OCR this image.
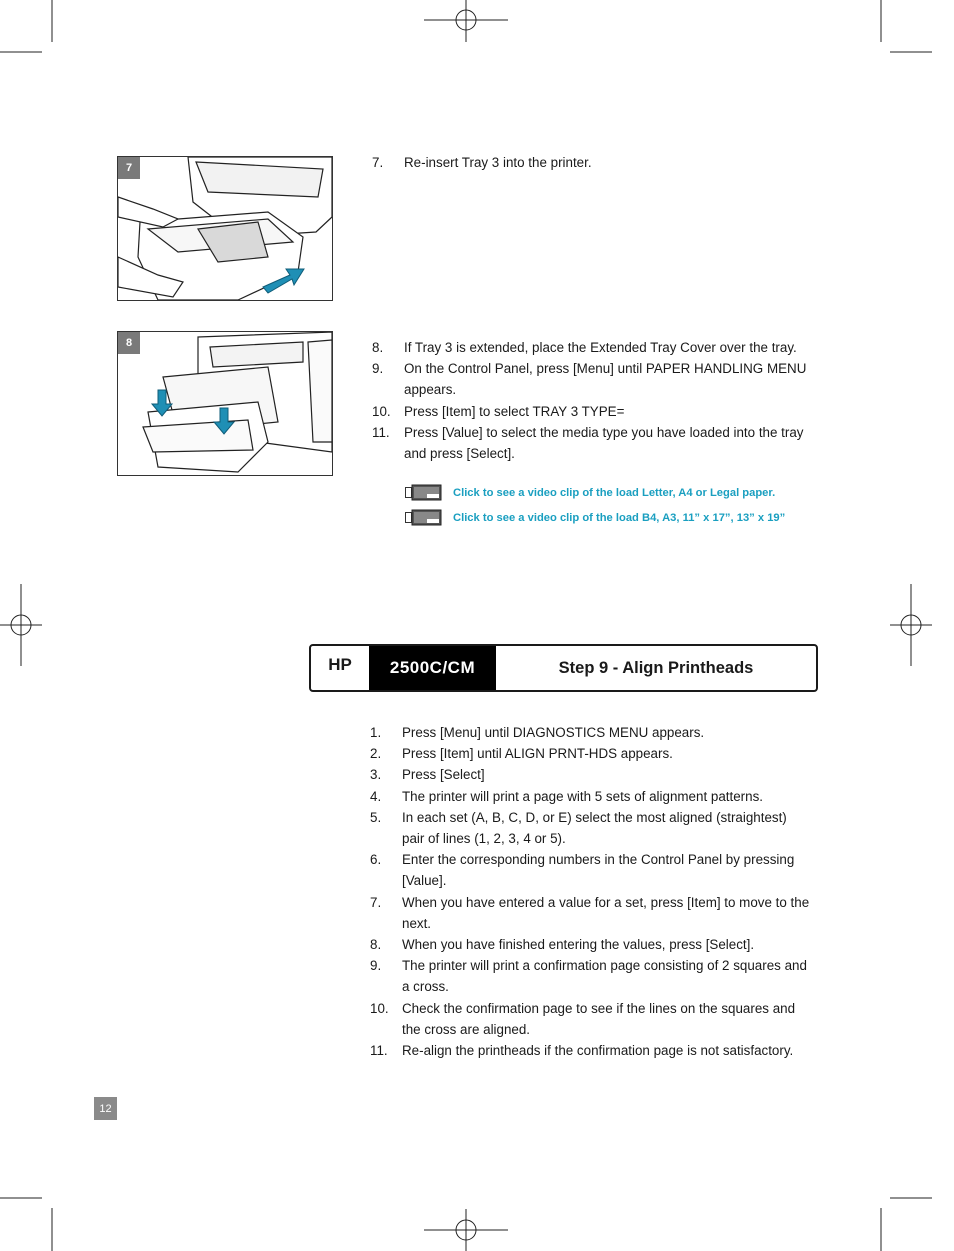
7
8
7. Re-insert Tray 3 into the printer.
8. If Tray 3 is extended, place the Extended Tray Cover over the tray.
9. On the Control Panel, press [Menu] until PAPER HANDLING MENU appears.
10. Press [Item] to select TRAY 3 TYPE=
11. Press [Value] to select the media type you have loaded into the tray and press [Select].
Click to see a video clip of the load Letter, A4 or Legal paper.
Click to see a video clip of the load B4, A3, 11” x 17”, 13” x 19”
HP	2500C/CM	Step 9 - Align Printheads
1. Press [Menu] until DIAGNOSTICS MENU appears.
2. Press [Item] until ALIGN PRNT-HDS appears.
3. Press [Select]
4. The printer will print a page with 5 sets of alignment patterns.
5. In each set (A, B, C, D, or E) select the most aligned (straightest) pair of lines (1, 2, 3, 4 or 5).
6. Enter the corresponding numbers in the Control Panel by pressing [Value].
7. When you have entered a value for a set, press [Item] to move to the next.
8. When you have finished entering the values, press [Select].
9. The printer will print a confirmation page consisting of 2 squares and a cross.
10. Check the confirmation page to see if the lines on the squares and the cross are aligned.
11. Re-align the printheads if the confirmation page is not satisfactory.
12
